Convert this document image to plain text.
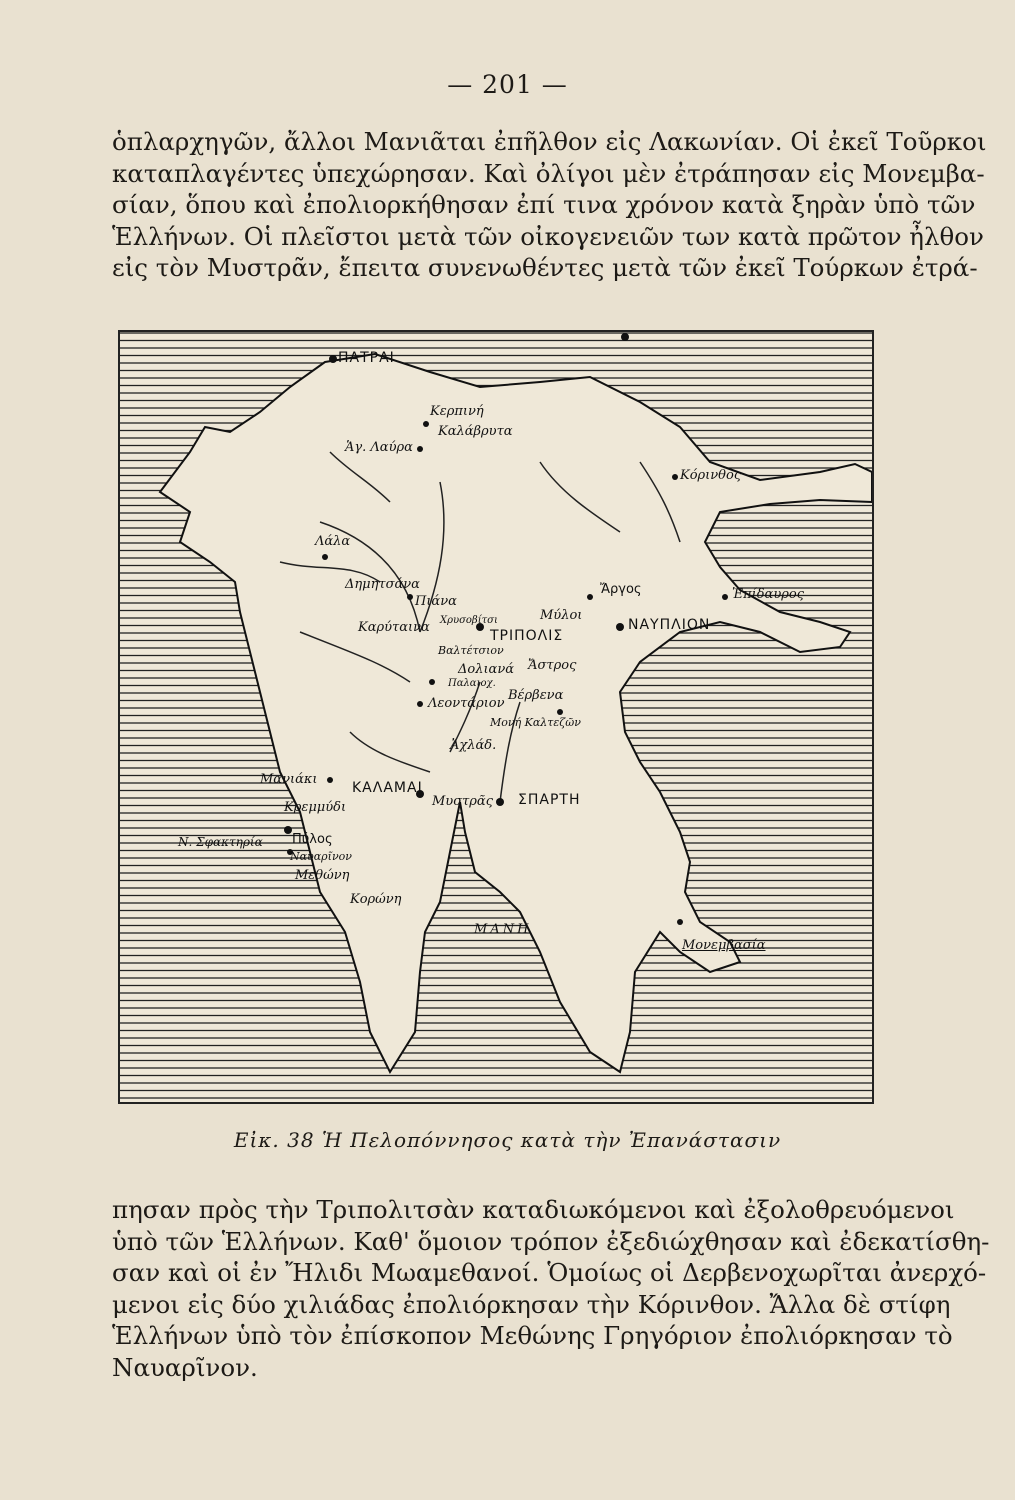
— 201 —
ὁπλαρχηγῶν, ἄλλοι Μανιᾶται ἐπῆλθον εἰς Λακωνίαν. Οἱ ἐκεῖ Τοῦρκοι
καταπλαγέντες ὑπεχώρησαν. Καὶ ὀλίγοι μὲν ἐτράπησαν εἰς Μονεμβα-
σίαν, ὅπου καὶ ἐπολιορκήθησαν ἐπί τινα χρόνον κατὰ ξηρὰν ὑπὸ τῶν
Ἑλλήνων. Οἱ πλεῖστοι μετὰ τῶν οἰκογενειῶν των κατὰ πρῶτον ἦλθον
εἰς τὸν Μυστρᾶν, ἔπειτα συνενωθέντες μετὰ τῶν ἐκεῖ Τούρκων ἐτρά-
ΠΑΤΡΑΙ
Κερπινή
Καλάβρυτα
Ἁγ. Λαύρα
Κόρινθος
Λάλα
Δημητσάνα
Πιάνα
Ἄργος	Ἐπίδαυρος
Χρυσοβίτσι	Μύλοι
Καρύταινα
ΤΡΙΠΟΛΙΣ
ΝΑΥΠΛΙΟΝ
Βαλτέτσιον
Δολιανά Ἄστρος
Παλαιοχ.
Βέρβενα
Λεοντάριον
Μονή Καλτεζῶν
Ἀχλάδ.
Μανιάκι
ΚΑΛΑΜΑΙ
Κρεμμύδι	Μυστρᾶς ΣΠΑΡΤΗ
Ν. Σφακτηρία Πύλος
Ναυαρῖνον
Μεθώνη
Κορώνη
ΜΑΝΗ
Μονεμβασία
Εἰκ. 38 Ἡ Πελοπόννησος κατὰ τὴν Ἐπανάστασιν
πησαν πρὸς τὴν Τριπολιτσὰν καταδιωκόμενοι καὶ ἐξολοθρευόμενοι
ὑπὸ τῶν Ἑλλήνων. Καθ' ὅμοιον τρόπον ἐξεδιώχθησαν καὶ ἐδεκατίσθη-
σαν καὶ οἱ ἐν Ἤλιδι Μωαμεθανοί. Ὁμοίως οἱ Δερβενοχωρῖται ἀνερχό-
μενοι εἰς δύο χιλιάδας ἐπολιόρκησαν τὴν Κόρινθον. Ἄλλα δὲ στίφη
Ἑλλήνων ὑπὸ τὸν ἐπίσκοπον Μεθώνης Γρηγόριον ἐπολιόρκησαν τὸ
Ναυαρῖνον.
